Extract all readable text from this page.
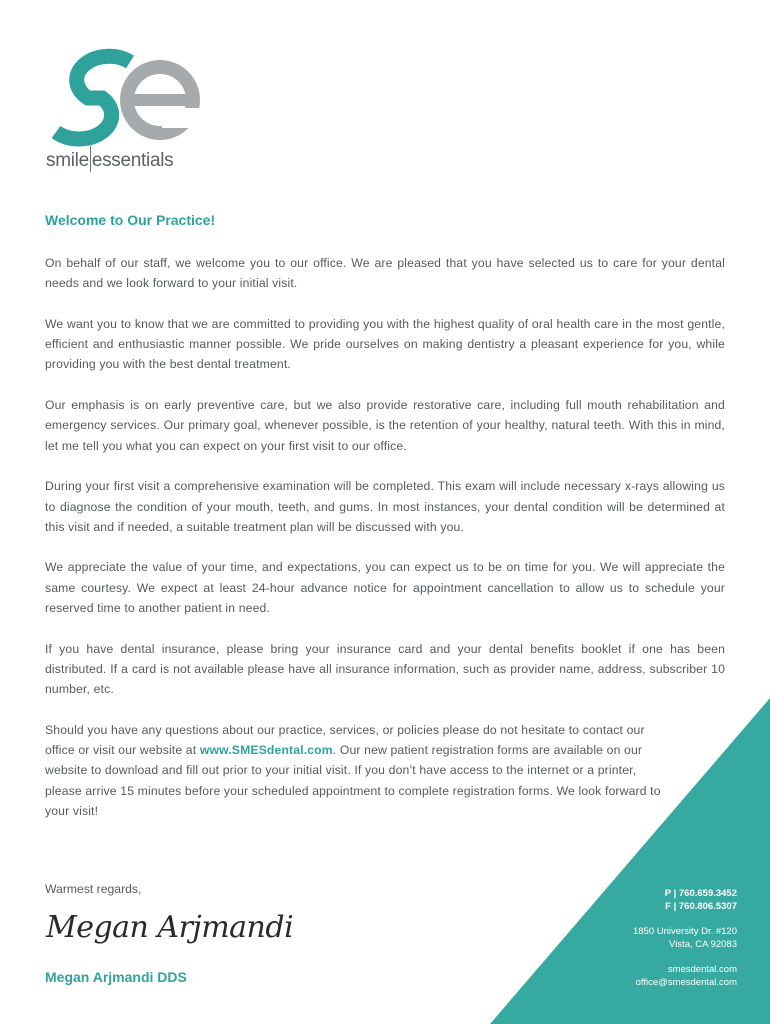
smile essentials
Welcome to Our Practice!

On behalf of our staff, we welcome you to our office. We are pleased that you have selected us to care for your dental needs and we look forward to your initial visit.

We want you to know that we are committed to providing you with the highest quality of oral health care in the most gentle, efficient and enthusiastic manner possible. We pride ourselves on making dentistry a pleasant experience for you, while providing you with the best dental treatment.

Our emphasis is on early preventive care, but we also provide restorative care, including full mouth rehabilitation and emergency services. Our primary goal, whenever possible, is the retention of your healthy, natural teeth. With this in mind, let me tell you what you can expect on your first visit to our office.

During your first visit a comprehensive examination will be completed. This exam will include necessary x-rays allowing us to diagnose the condition of your mouth, teeth, and gums. In most instances, your dental condition will be determined at this visit and if needed, a suitable treatment plan will be discussed with you.

We appreciate the value of your time, and expectations, you can expect us to be on time for you. We will appreciate the same courtesy. We expect at least 24-hour advance notice for appointment cancellation to allow us to schedule your reserved time to another patient in need.

If you have dental insurance, please bring your insurance card and your dental benefits booklet if one has been distributed. If a card is not available please have all insurance information, such as provider name, address, subscriber 10 number, etc.

Should you have any questions about our practice, services, or policies please do not hesitate to contact our office or visit our website at www.SMESdental.com. Our new patient registration forms are available on our website to download and fill out prior to your initial visit. If you don’t have access to the internet or a printer, please arrive 15 minutes before your scheduled appointment to complete registration forms. We look forward to your visit!

Warmest regards,
Megan Arjmandi
Megan Arjmandi DDS
P | 760.659.3452
F | 760.806.5307
1850 University Dr. #120
Vista, CA 92083
smesdental.com
office@smesdental.com
